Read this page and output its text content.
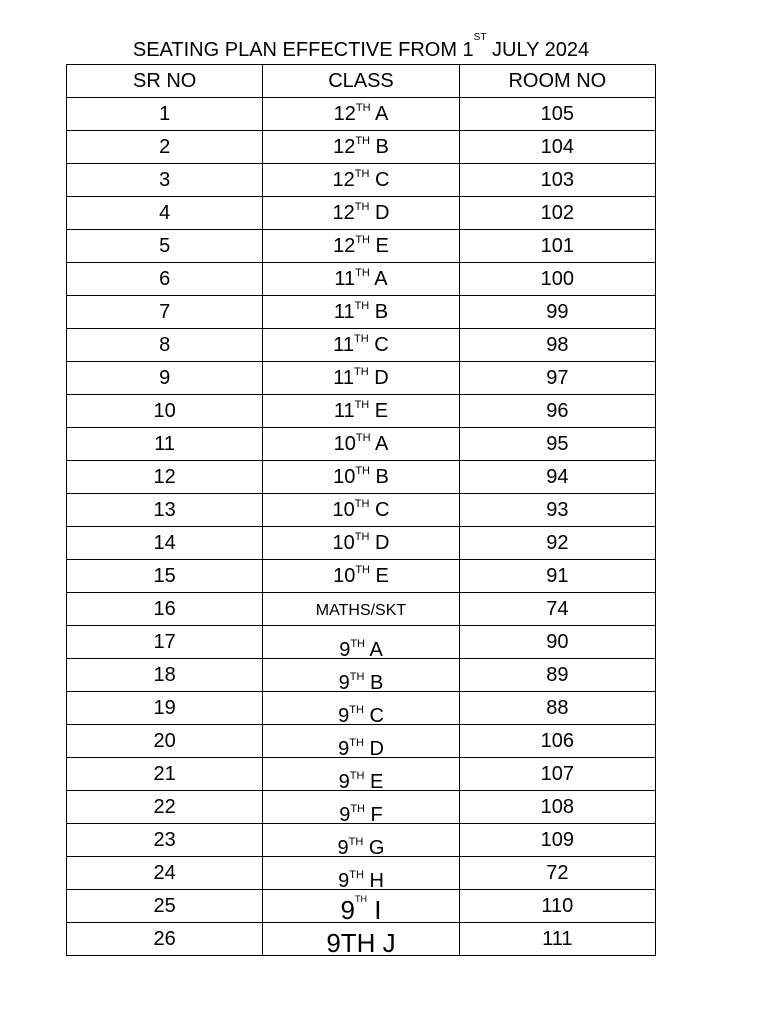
SEATING PLAN EFFECTIVE FROM 1ST JULY 2024
SR NO	CLASS	ROOM NO
1	12TH A	105
2	12TH B	104
3	12TH C	103
4	12TH D	102
5	12TH E	101
6	11TH A	100
7	11TH B	99
8	11TH C	98
9	11TH D	97
10	11TH E	96
11	10TH A	95
12	10TH B	94
13	10TH C	93
14	10TH D	92
15	10TH E	91
16	MATHS/SKT	74
17	9TH A	90
18	9TH B	89
19	9TH C	88
20	9TH D	106
21	9TH E	107
22	9TH F	108
23	9TH G	109
24	9TH H	72
25	9TH I	110
26	9TH J	111
